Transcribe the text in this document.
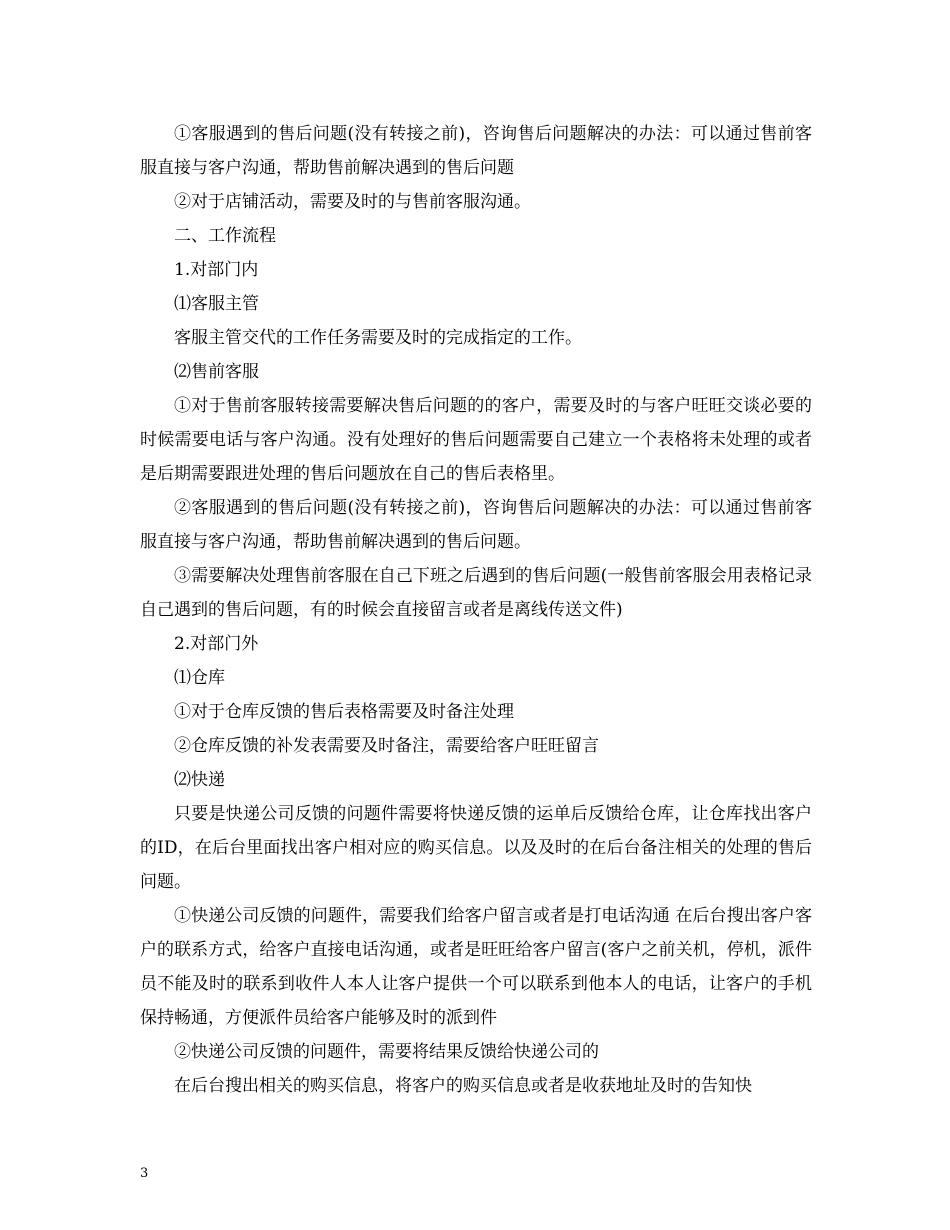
①客服遇到的售后问题(没有转接之前)，咨询售后问题解决的办法：可以通过售前客服直接与客户沟通，帮助售前解决遇到的售后问题

②对于店铺活动，需要及时的与售前客服沟通。

二、工作流程

1.对部门内

⑴客服主管

客服主管交代的工作任务需要及时的完成指定的工作。

⑵售前客服

①对于售前客服转接需要解决售后问题的的客户，需要及时的与客户旺旺交谈必要的时候需要电话与客户沟通。没有处理好的售后问题需要自己建立一个表格将未处理的或者是后期需要跟进处理的售后问题放在自己的售后表格里。

②客服遇到的售后问题(没有转接之前)，咨询售后问题解决的办法：可以通过售前客服直接与客户沟通，帮助售前解决遇到的售后问题。

③需要解决处理售前客服在自己下班之后遇到的售后问题(一般售前客服会用表格记录自己遇到的售后问题，有的时候会直接留言或者是离线传送文件)

2.对部门外

⑴仓库

①对于仓库反馈的售后表格需要及时备注处理

②仓库反馈的补发表需要及时备注，需要给客户旺旺留言

⑵快递

只要是快递公司反馈的问题件需要将快递反馈的运单后反馈给仓库，让仓库找出客户的ID，在后台里面找出客户相对应的购买信息。以及及时的在后台备注相关的处理的售后问题。

①快递公司反馈的问题件，需要我们给客户留言或者是打电话沟通 在后台搜出客户客户的联系方式，给客户直接电话沟通，或者是旺旺给客户留言(客户之前关机，停机，派件员不能及时的联系到收件人本人让客户提供一个可以联系到他本人的电话，让客户的手机保持畅通，方便派件员给客户能够及时的派到件

②快递公司反馈的问题件，需要将结果反馈给快递公司的

在后台搜出相关的购买信息，将客户的购买信息或者是收获地址及时的告知快

3
